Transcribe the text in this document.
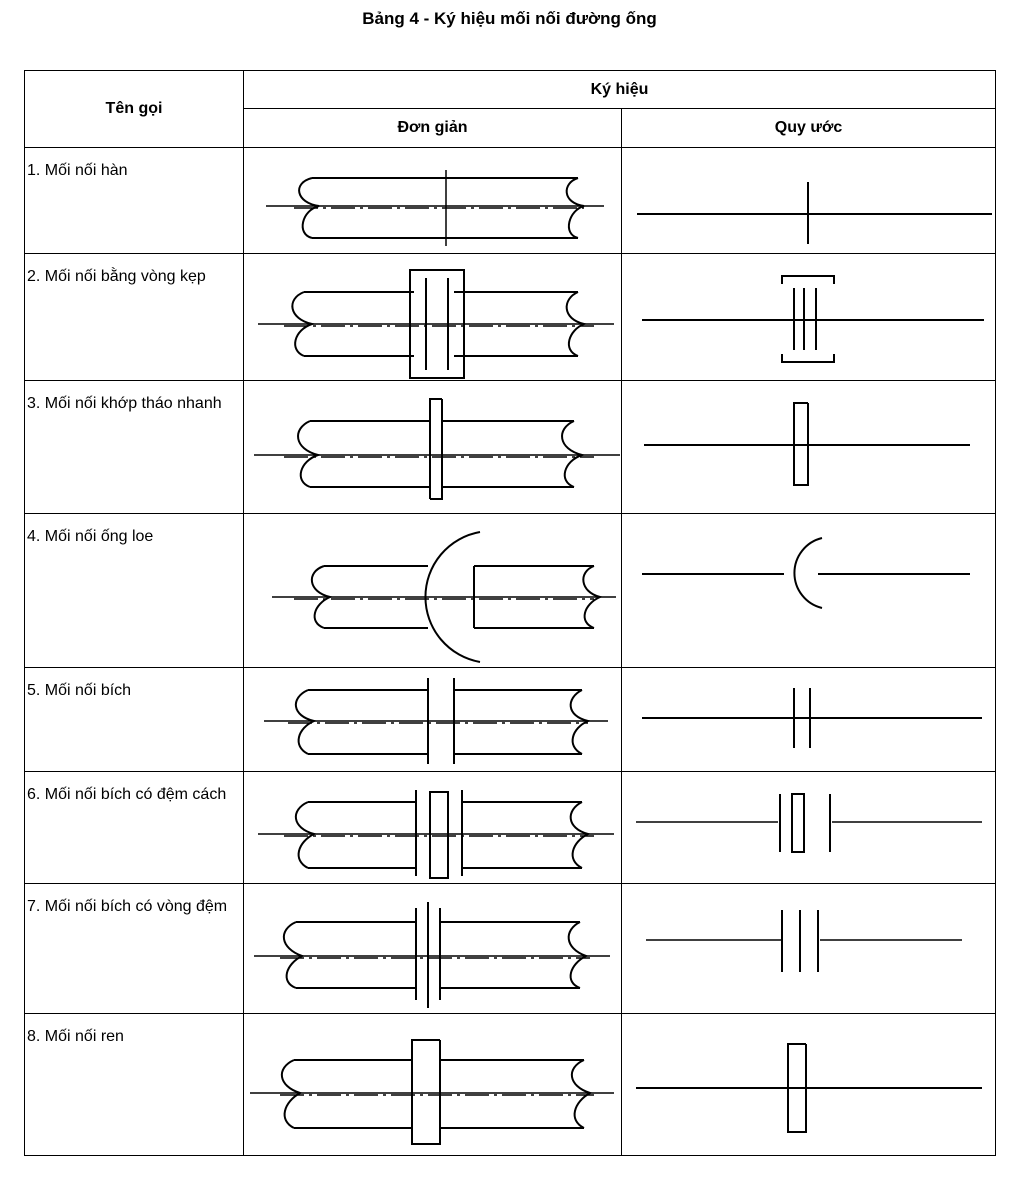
Bảng 4 - Ký hiệu mối nối đường ống
Tên gọi	Ký hiệu	
	Đơn giản	Quy ước
1. Mối nối hàn	

2. Mối nối bằng vòng kẹp	

3. Mối nối khớp tháo nhanh	

4. Mối nối ống loe	

5. Mối nối bích	

6. Mối nối bích có đệm cách	

7. Mối nối bích có vòng đệm	

8. Mối nối ren	
